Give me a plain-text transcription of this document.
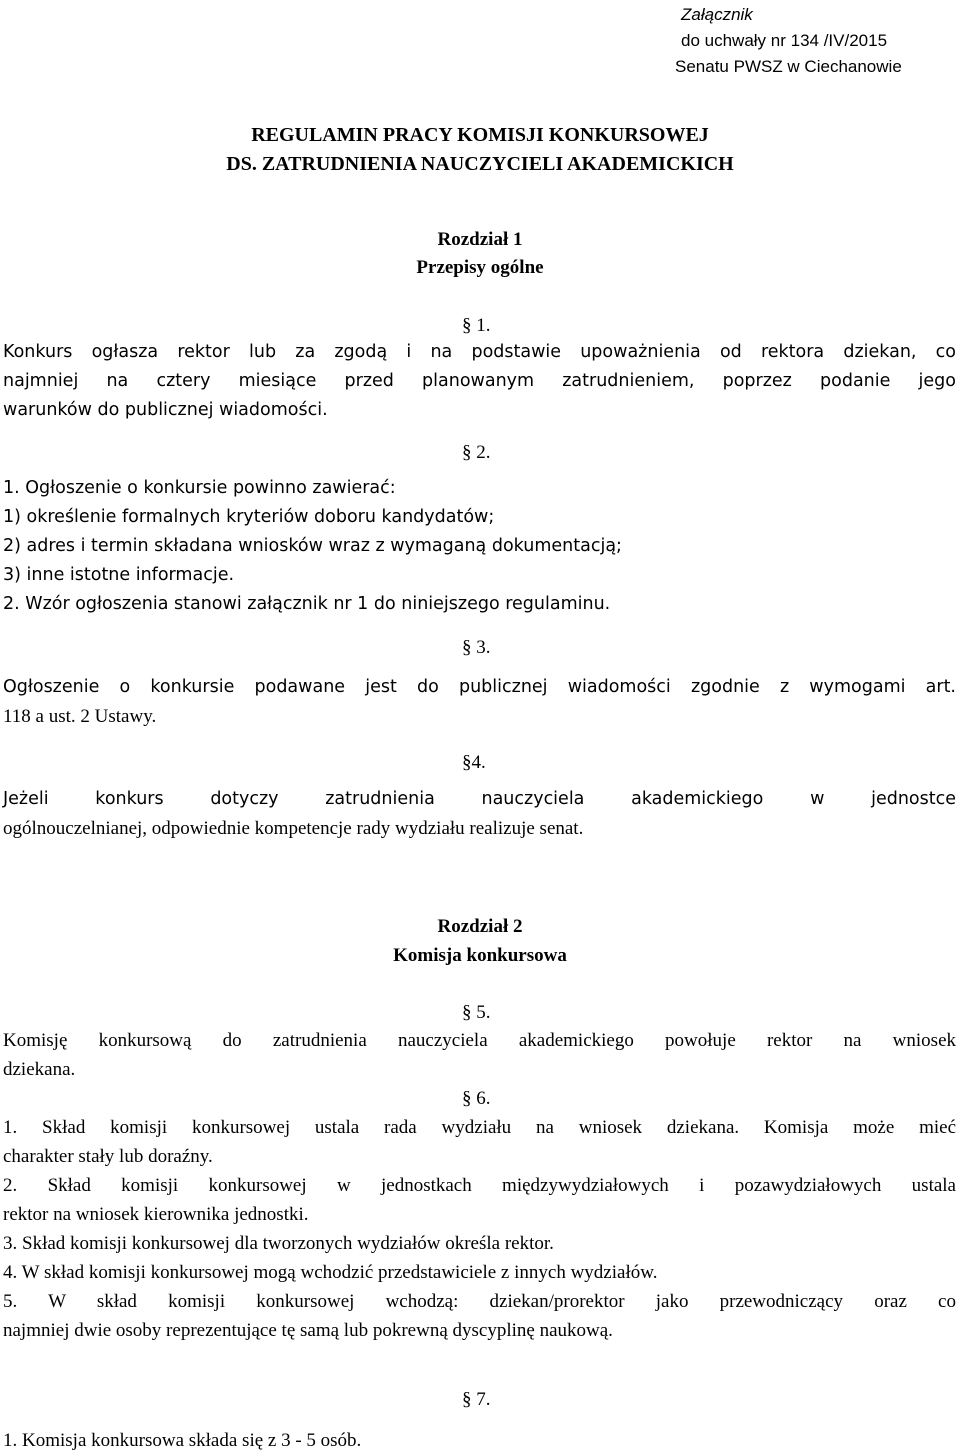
Załącznik
do uchwały nr 134 /IV/2015
Senatu PWSZ w Ciechanowie
REGULAMIN PRACY KOMISJI KONKURSOWEJ
DS. ZATRUDNIENIA NAUCZYCIELI AKADEMICKICH
Rozdział 1
Przepisy ogólne
§ 1.
Konkurs ogłasza rektor lub za zgodą i na podstawie upoważnienia od rektora dziekan, co
najmniej na cztery miesiące przed planowanym zatrudnieniem, poprzez podanie jego
warunków do publicznej wiadomości.
§ 2.
1. Ogłoszenie o konkursie powinno zawierać:
1) określenie formalnych kryteriów doboru kandydatów;
2) adres i termin składana wniosków wraz z wymaganą dokumentacją;
3) inne istotne informacje.
2. Wzór ogłoszenia stanowi załącznik nr 1 do niniejszego regulaminu.
§ 3.
Ogłoszenie o konkursie podawane jest do publicznej wiadomości zgodnie z wymogami art.
118 a ust. 2 Ustawy.
§4.
Jeżeli konkurs dotyczy zatrudnienia nauczyciela akademickiego w jednostce
ogólnouczelnianej, odpowiednie kompetencje rady wydziału realizuje senat.
Rozdział 2
Komisja konkursowa
§ 5.
Komisję konkursową do zatrudnienia nauczyciela akademickiego powołuje rektor na wniosek
dziekana.
§ 6.
1. Skład komisji konkursowej ustala rada wydziału na wniosek dziekana. Komisja może mieć
charakter stały lub doraźny.
2. Skład komisji konkursowej w jednostkach międzywydziałowych i pozawydziałowych ustala
rektor na wniosek kierownika jednostki.
3. Skład komisji konkursowej dla tworzonych wydziałów określa rektor.
4. W skład komisji konkursowej mogą wchodzić przedstawiciele z innych wydziałów.
5. W skład komisji konkursowej wchodzą: dziekan/prorektor jako przewodniczący oraz co
najmniej dwie osoby reprezentujące tę samą lub pokrewną dyscyplinę naukową.
§ 7.
1. Komisja konkursowa składa się z 3 - 5 osób.
